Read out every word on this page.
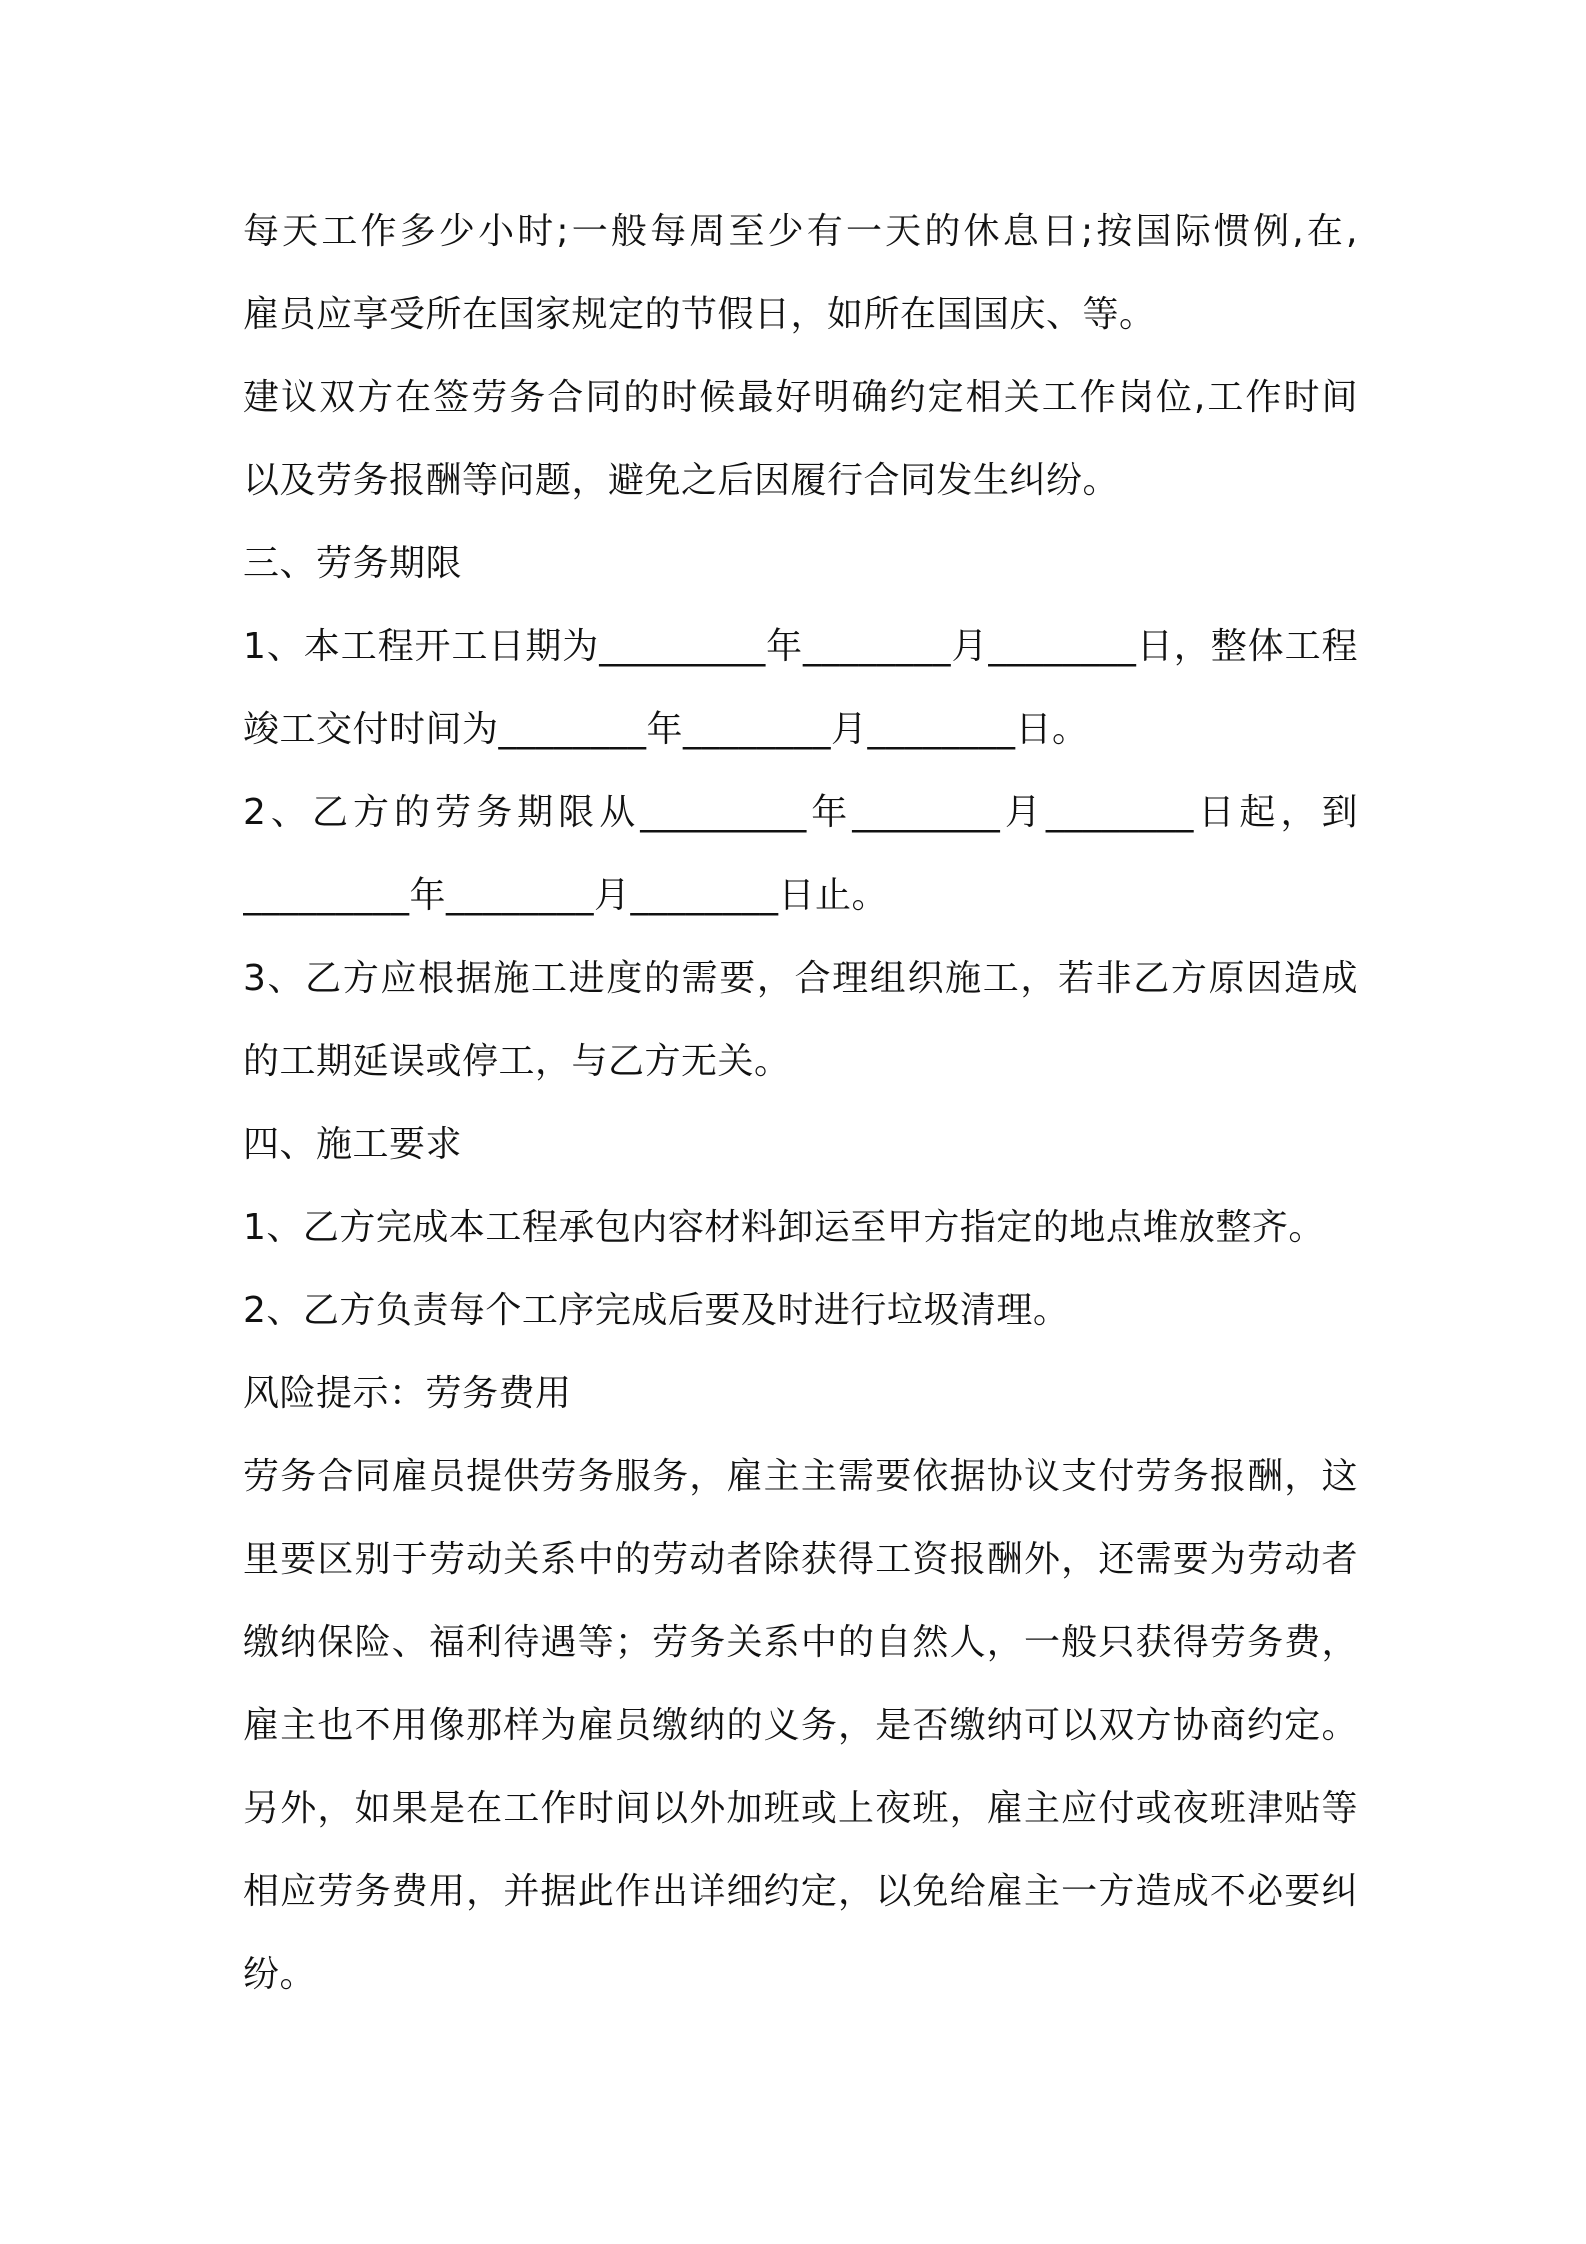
每天工作多少小时;一般每周至少有一天的休息日;按国际惯例,在,
雇员应享受所在国家规定的节假日，如所在国国庆、等。
建议双方在签劳务合同的时候最好明确约定相关工作岗位,工作时间
以及劳务报酬等问题，避免之后因履行合同发生纠纷。
三、劳务期限
1、本工程开工日期为_________年________月________日，整体工程
竣工交付时间为________年________月________日。
2、乙方的劳务期限从_________年________月________日起，到
_________年________月________日止。
3、乙方应根据施工进度的需要，合理组织施工，若非乙方原因造成
的工期延误或停工，与乙方无关。
四、施工要求
1、乙方完成本工程承包内容材料卸运至甲方指定的地点堆放整齐。
2、乙方负责每个工序完成后要及时进行垃圾清理。
风险提示：劳务费用
劳务合同雇员提供劳务服务，雇主主需要依据协议支付劳务报酬，这
里要区别于劳动关系中的劳动者除获得工资报酬外，还需要为劳动者
缴纳保险、福利待遇等；劳务关系中的自然人，一般只获得劳务费，
雇主也不用像那样为雇员缴纳的义务，是否缴纳可以双方协商约定。
另外，如果是在工作时间以外加班或上夜班，雇主应付或夜班津贴等
相应劳务费用，并据此作出详细约定，以免给雇主一方造成不必要纠
纷。
